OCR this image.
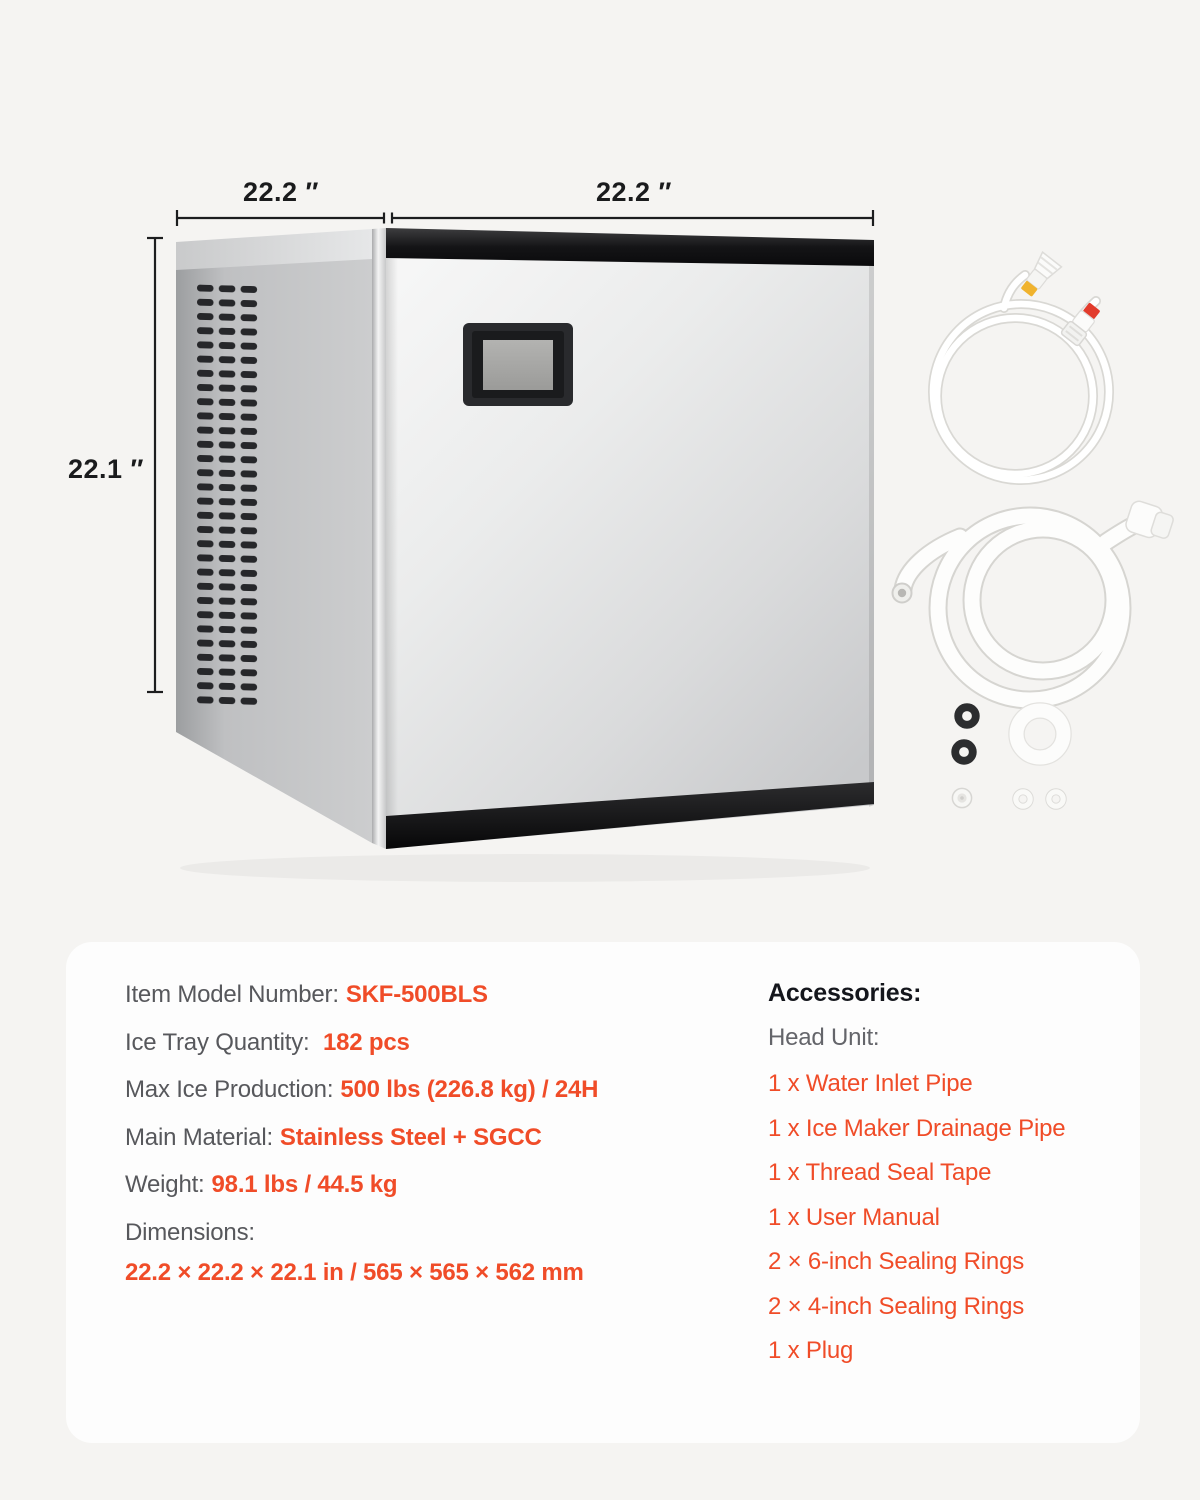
22.2 ″	22.2 ″
22.1 ″
Item Model Number: SKF-500BLS
Ice Tray Quantity: 182 pcs
Max Ice Production: 500 lbs (226.8 kg) / 24H
Main Material: Stainless Steel + SGCC
Weight: 98.1 lbs / 44.5 kg
Dimensions:
22.2 × 22.2 × 22.1 in / 565 × 565 × 562 mm
Accessories:
Head Unit:
1 x Water Inlet Pipe
1 x Ice Maker Drainage Pipe
1 x Thread Seal Tape
1 x User Manual
2 × 6-inch Sealing Rings
2 × 4-inch Sealing Rings
1 x Plug
